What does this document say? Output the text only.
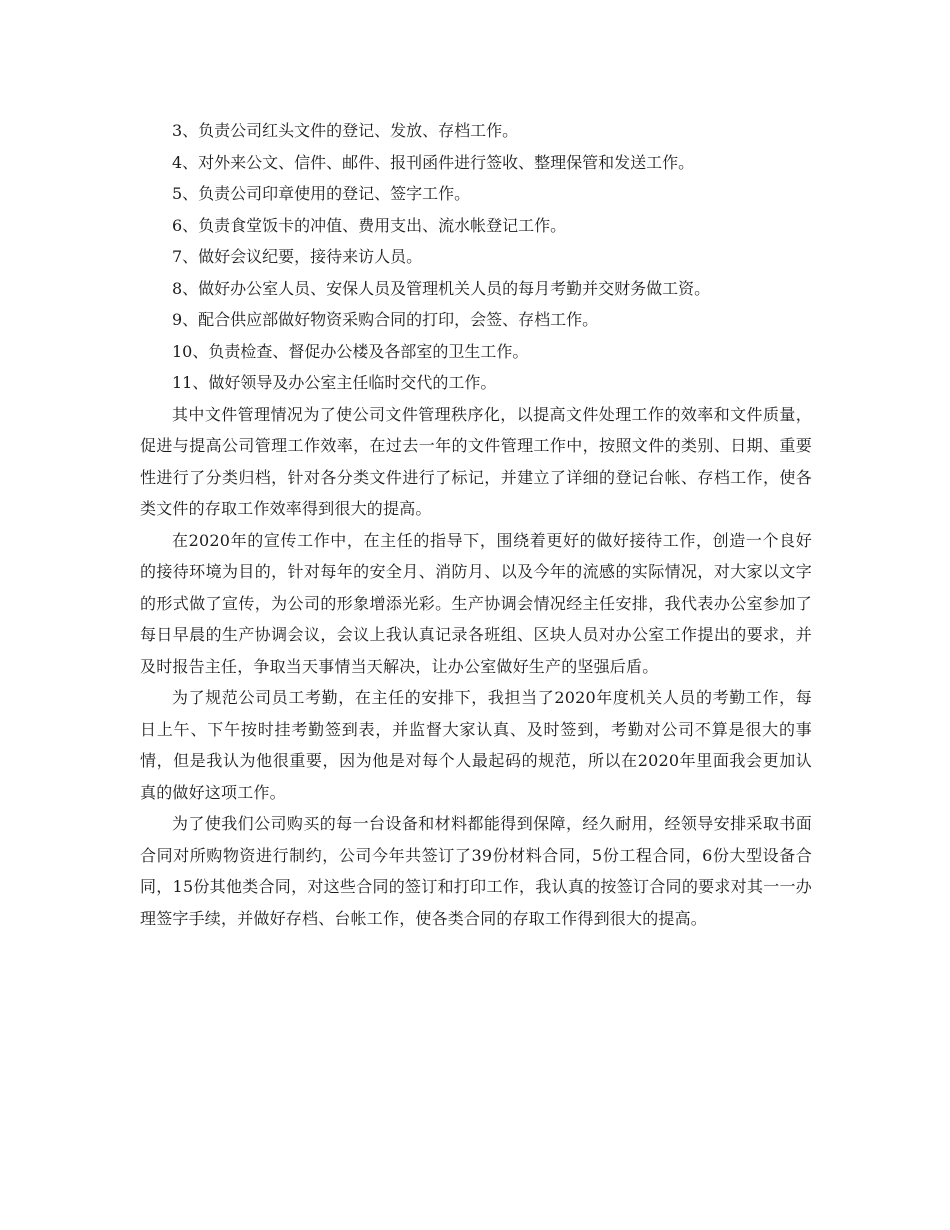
3、负责公司红头文件的登记、发放、存档工作。

4、对外来公文、信件、邮件、报刊函件进行签收、整理保管和发送工作。

5、负责公司印章使用的登记、签字工作。

6、负责食堂饭卡的冲值、费用支出、流水帐登记工作。

7、做好会议纪要，接待来访人员。

8、做好办公室人员、安保人员及管理机关人员的每月考勤并交财务做工资。

9、配合供应部做好物资采购合同的打印，会签、存档工作。

10、负责检查、督促办公楼及各部室的卫生工作。

11、做好领导及办公室主任临时交代的工作。

其中文件管理情况为了使公司文件管理秩序化，以提高文件处理工作的效率和文件质量，促进与提高公司管理工作效率，在过去一年的文件管理工作中，按照文件的类别、日期、重要性进行了分类归档，针对各分类文件进行了标记，并建立了详细的登记台帐、存档工作，使各类文件的存取工作效率得到很大的提高。

在2020年的宣传工作中，在主任的指导下，围绕着更好的做好接待工作，创造一个良好的接待环境为目的，针对每年的安全月、消防月、以及今年的流感的实际情况，对大家以文字的形式做了宣传，为公司的形象增添光彩。生产协调会情况经主任安排，我代表办公室参加了每日早晨的生产协调会议，会议上我认真记录各班组、区块人员对办公室工作提出的要求，并及时报告主任，争取当天事情当天解决，让办公室做好生产的坚强后盾。

为了规范公司员工考勤，在主任的安排下，我担当了2020年度机关人员的考勤工作，每日上午、下午按时挂考勤签到表，并监督大家认真、及时签到，考勤对公司不算是很大的事情，但是我认为他很重要，因为他是对每个人最起码的规范，所以在2020年里面我会更加认真的做好这项工作。

为了使我们公司购买的每一台设备和材料都能得到保障，经久耐用，经领导安排采取书面合同对所购物资进行制约，公司今年共签订了39份材料合同，5份工程合同，6份大型设备合同，15份其他类合同，对这些合同的签订和打印工作，我认真的按签订合同的要求对其一一办理签字手续，并做好存档、台帐工作，使各类合同的存取工作得到很大的提高。
